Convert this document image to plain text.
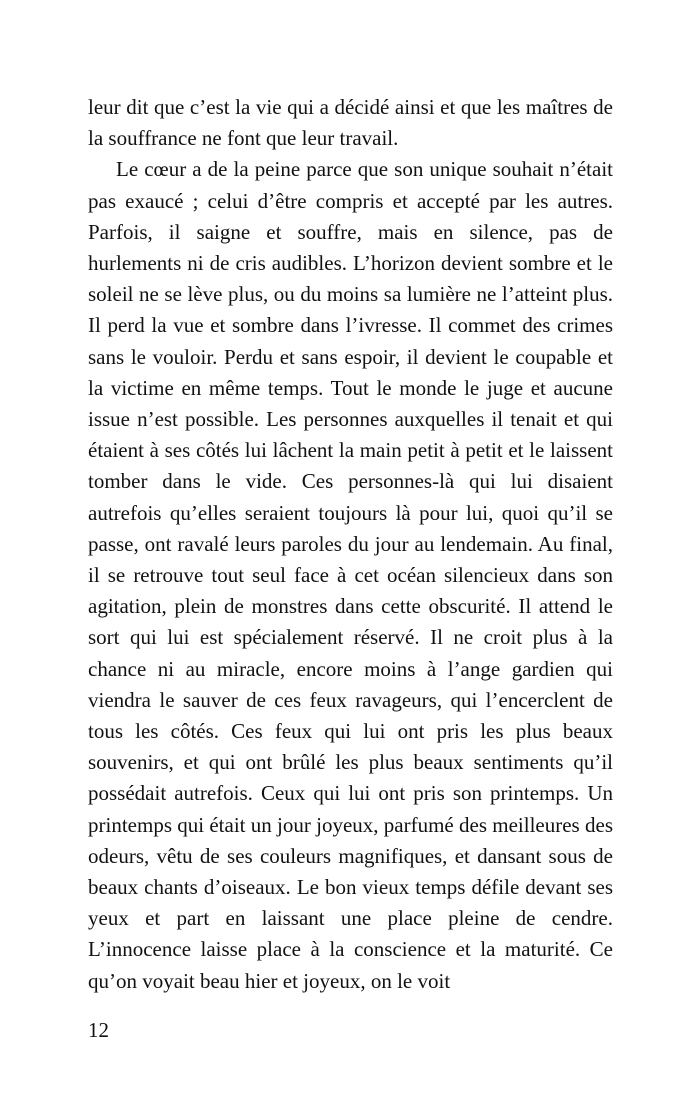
leur dit que c’est la vie qui a décidé ainsi et que les maîtres de la souffrance ne font que leur travail.

Le cœur a de la peine parce que son unique souhait n’était pas exaucé ; celui d’être compris et accepté par les autres. Parfois, il saigne et souffre, mais en silence, pas de hurlements ni de cris audibles. L’horizon devient sombre et le soleil ne se lève plus, ou du moins sa lumière ne l’atteint plus. Il perd la vue et sombre dans l’ivresse. Il commet des crimes sans le vouloir. Perdu et sans espoir, il devient le coupable et la victime en même temps. Tout le monde le juge et aucune issue n’est possible. Les personnes auxquelles il tenait et qui étaient à ses côtés lui lâchent la main petit à petit et le laissent tomber dans le vide. Ces personnes-là qui lui disaient autrefois qu’elles seraient toujours là pour lui, quoi qu’il se passe, ont ravalé leurs paroles du jour au lendemain. Au final, il se retrouve tout seul face à cet océan silencieux dans son agitation, plein de monstres dans cette obscurité. Il attend le sort qui lui est spécialement réservé. Il ne croit plus à la chance ni au miracle, encore moins à l’ange gardien qui viendra le sauver de ces feux ravageurs, qui l’encerclent de tous les côtés. Ces feux qui lui ont pris les plus beaux souvenirs, et qui ont brûlé les plus beaux sentiments qu’il possédait autrefois. Ceux qui lui ont pris son printemps. Un printemps qui était un jour joyeux, parfumé des meilleures des odeurs, vêtu de ses couleurs magnifiques, et dansant sous de beaux chants d’oiseaux. Le bon vieux temps défile devant ses yeux et part en laissant une place pleine de cendre. L’innocence laisse place à la conscience et la maturité. Ce qu’on voyait beau hier et joyeux, on le voit

12
